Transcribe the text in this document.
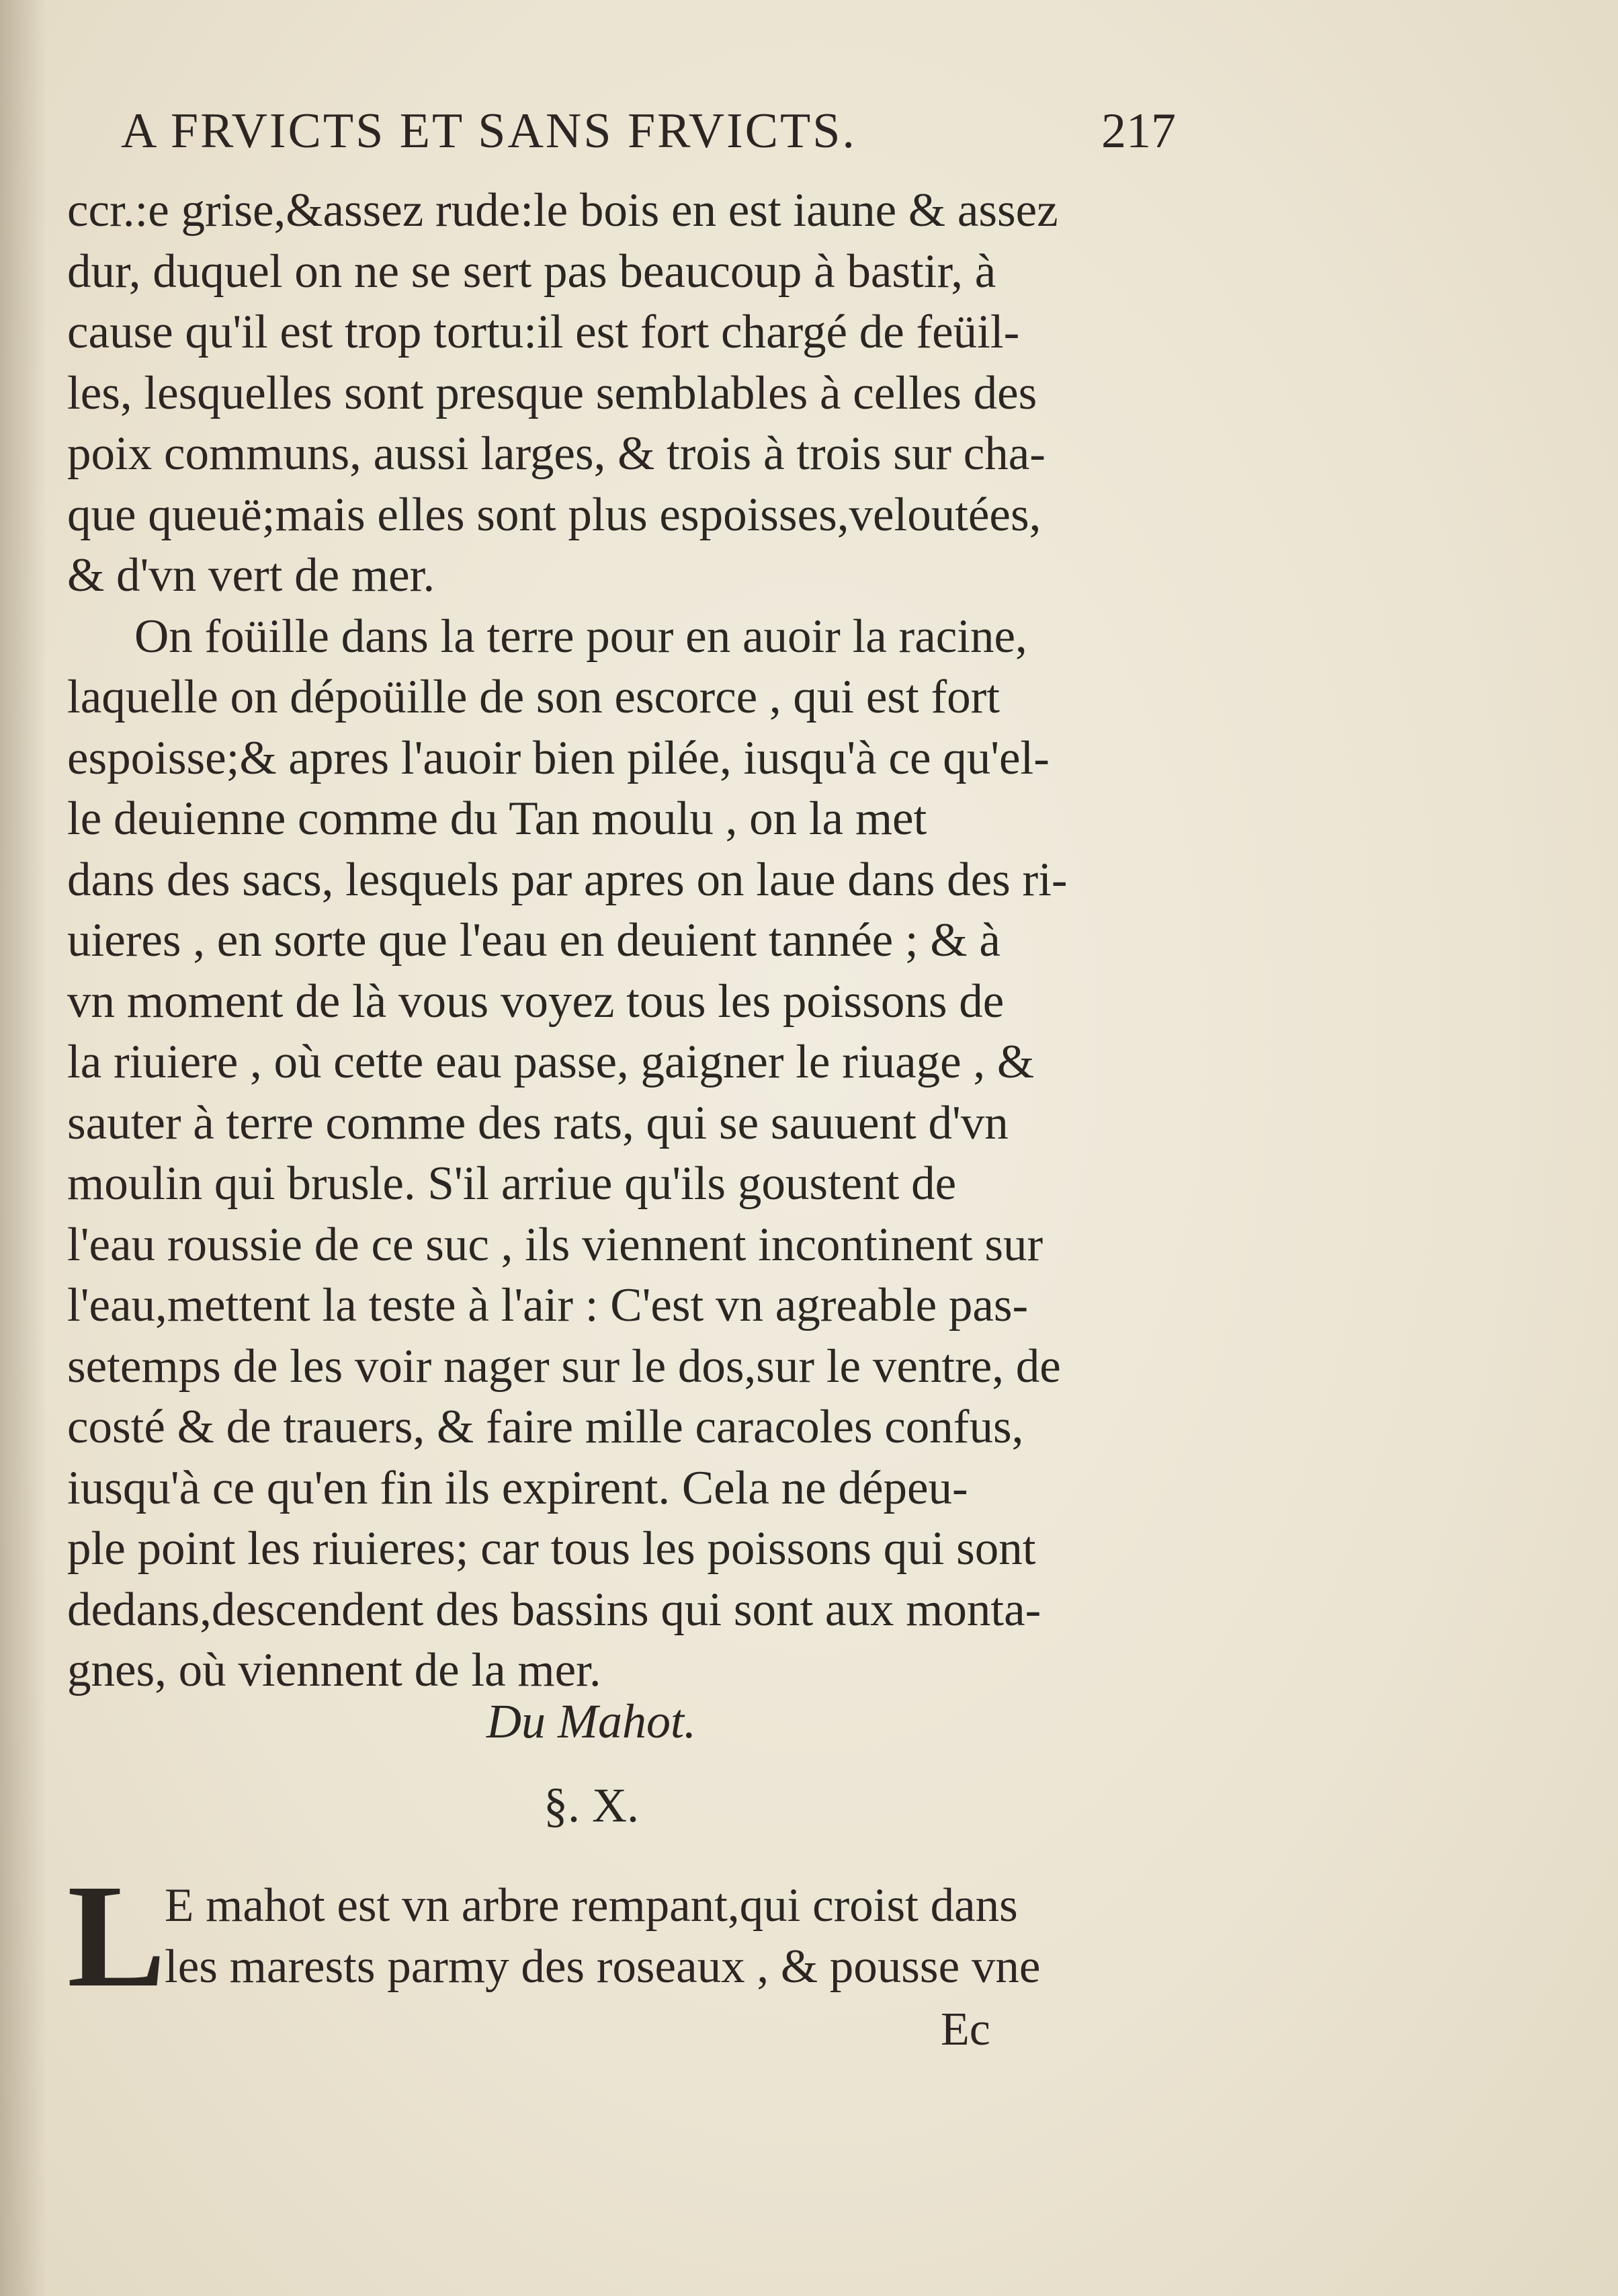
A FRVICTS ET SANS FRVICTS.	217
ccr.:e grise,&assez rude:le bois en est iaune & assez
dur, duquel on ne se sert pas beaucoup à bastir, à
cause qu'il est trop tortu:il est fort chargé de feüil-
les, lesquelles sont presque semblables à celles des
poix communs, aussi larges, & trois à trois sur cha-
que queuë;mais elles sont plus espoisses,veloutées,
& d'vn vert de mer.
On foüille dans la terre pour en auoir la racine,
laquelle on dépoüille de son escorce , qui est fort
espoisse;& apres l'auoir bien pilée, iusqu'à ce qu'el-
le deuienne comme du Tan moulu , on la met
dans des sacs, lesquels par apres on laue dans des ri-
uieres , en sorte que l'eau en deuient tannée ; & à
vn moment de là vous voyez tous les poissons de
la riuiere , où cette eau passe, gaigner le riuage , &
sauter à terre comme des rats, qui se sauuent d'vn
moulin qui brusle. S'il arriue qu'ils goustent de
l'eau roussie de ce suc , ils viennent incontinent sur
l'eau,mettent la teste à l'air : C'est vn agreable pas-
setemps de les voir nager sur le dos,sur le ventre, de
costé & de trauers, & faire mille caracoles confus,
iusqu'à ce qu'en fin ils expirent. Cela ne dépeu-
ple point les riuieres; car tous les poissons qui sont
dedans,descendent des bassins qui sont aux monta-
gnes, où viennent de la mer.
Du Mahot.
§. X.
L
E mahot est vn arbre rempant,qui croist dans
les marests parmy des roseaux , & pousse vne
Ec
